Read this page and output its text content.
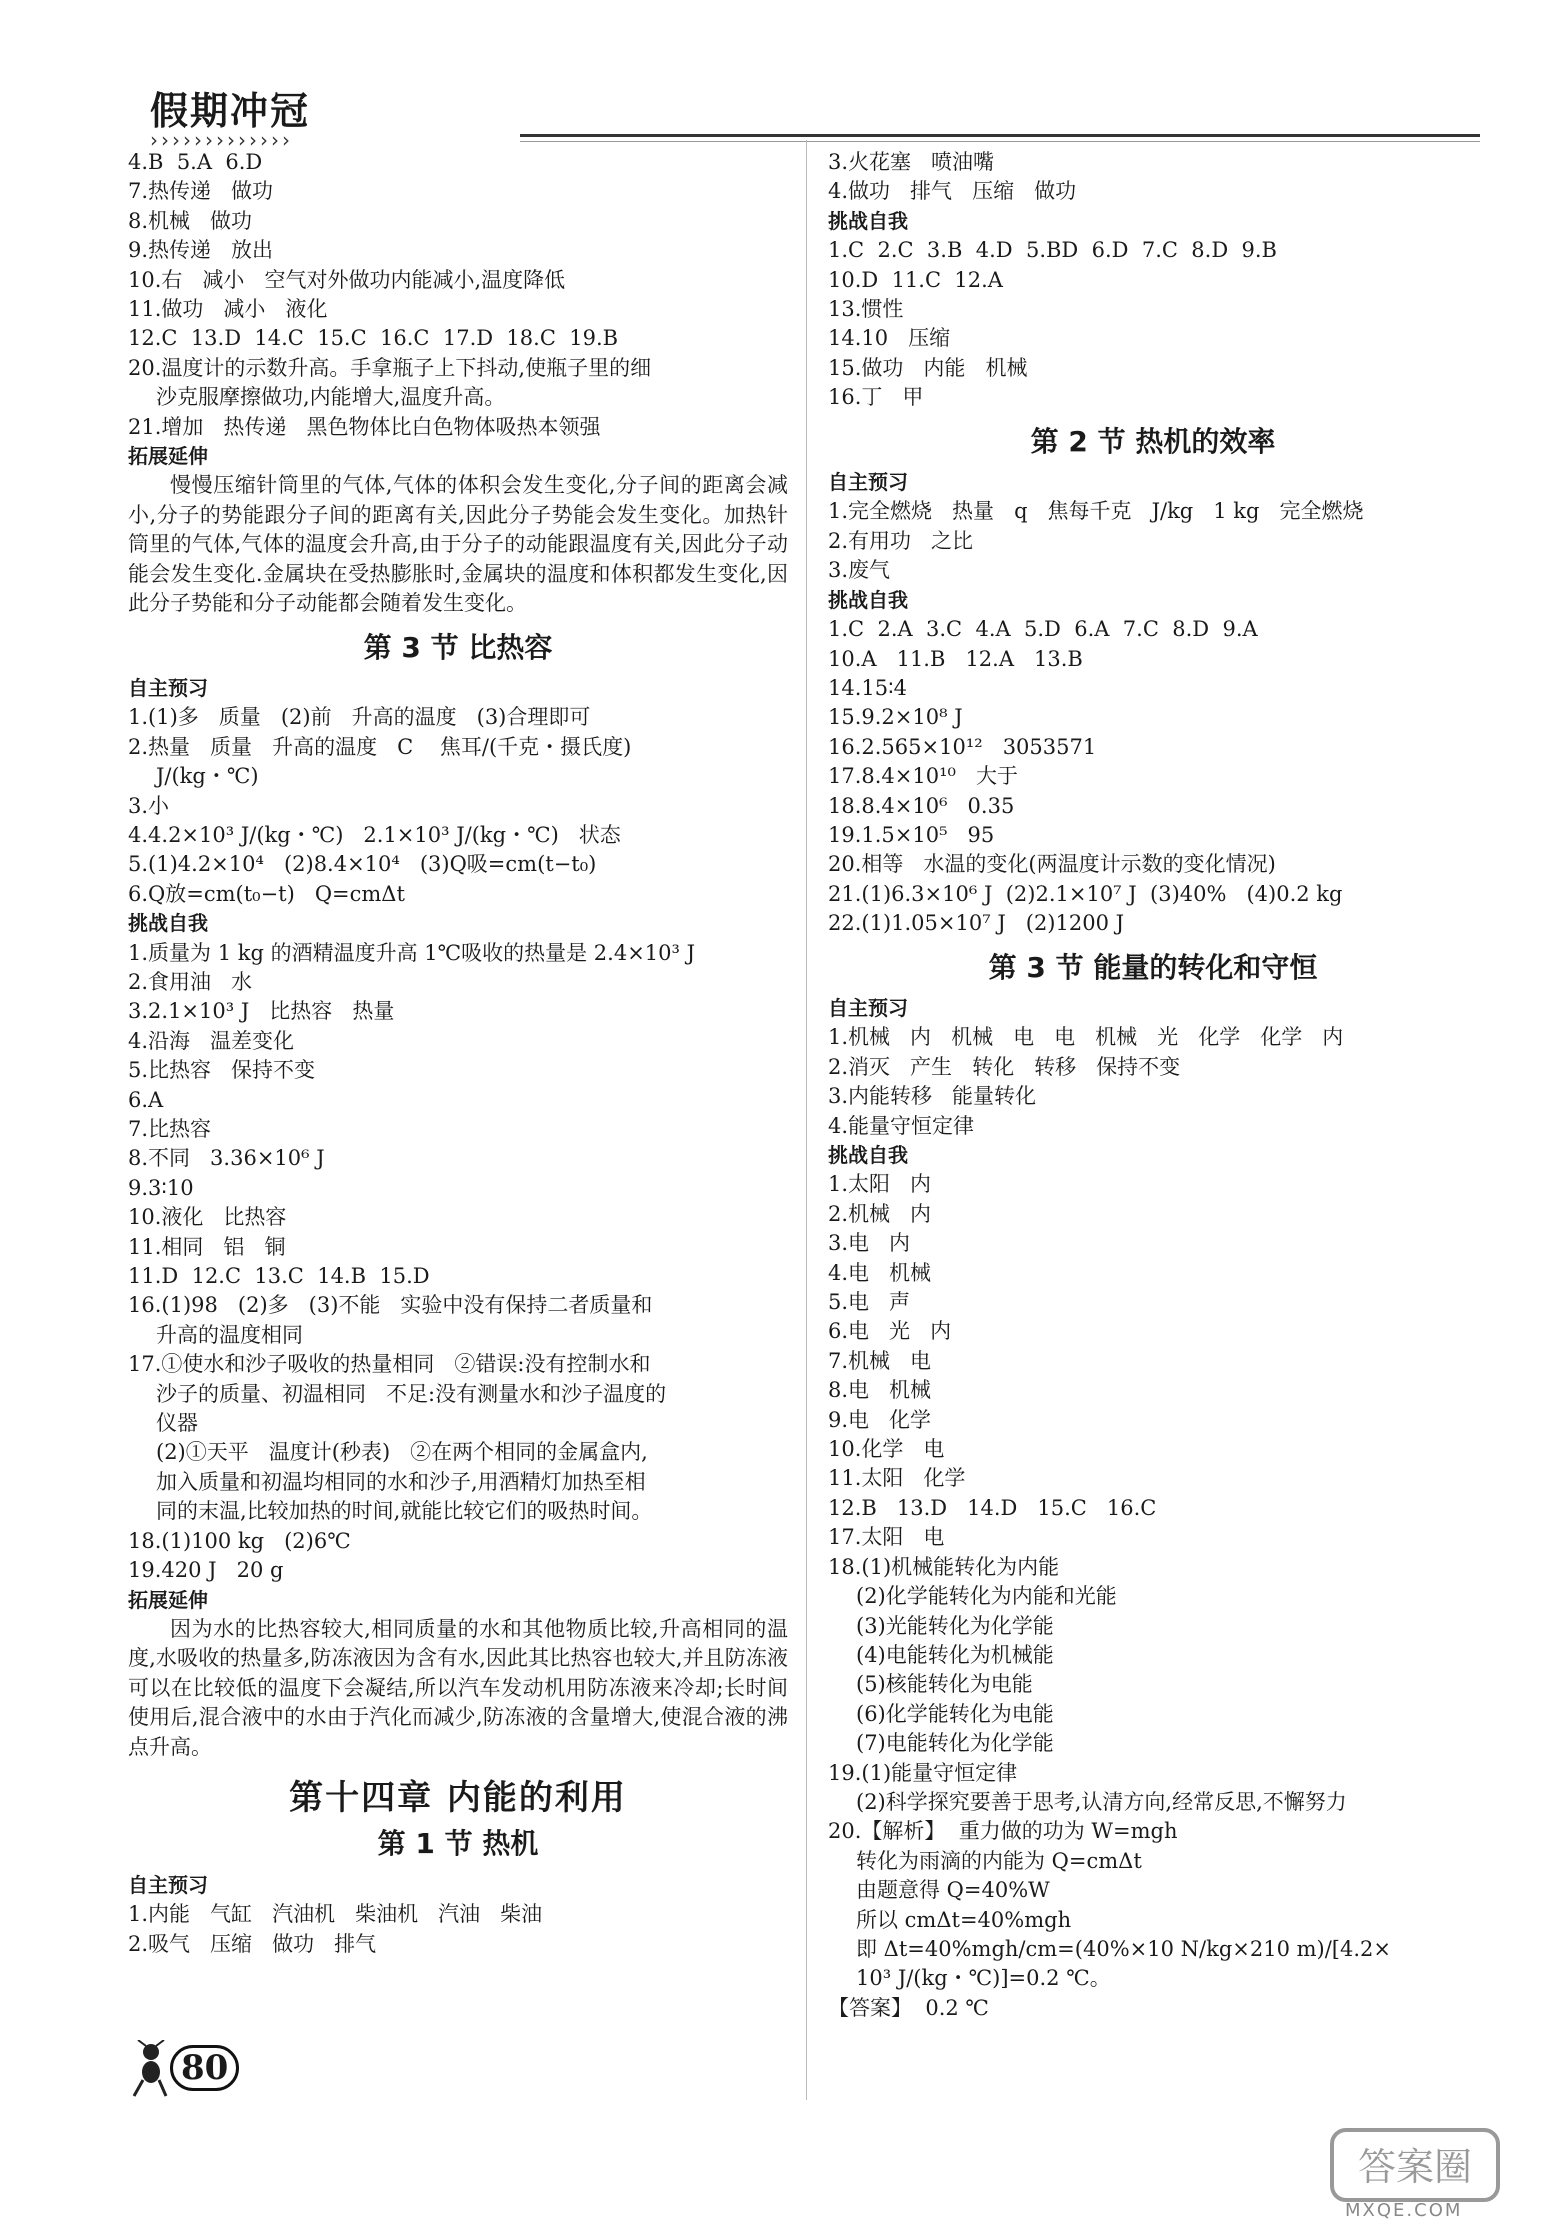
假期冲冠
›››››››››››››
4.B  5.A  6.D
7.热传递   做功
8.机械   做功
9.热传递   放出
10.右   减小   空气对外做功内能减小,温度降低
11.做功   减小   液化
12.C  13.D  14.C  15.C  16.C  17.D  18.C  19.B
20.温度计的示数升高。手拿瓶子上下抖动,使瓶子里的细
沙克服摩擦做功,内能增大,温度升高。
21.增加   热传递   黑色物体比白色物体吸热本领强
拓展延伸
慢慢压缩针筒里的气体,气体的体积会发生变化,分子间的距离会减小,分子的势能跟分子间的距离有关,因此分子势能会发生变化。加热针筒里的气体,气体的温度会升高,由于分子的动能跟温度有关,因此分子动能会发生变化.金属块在受热膨胀时,金属块的温度和体积都发生变化,因此分子势能和分子动能都会随着发生变化。
第 3 节 比热容
自主预习
1.(1)多   质量   (2)前   升高的温度   (3)合理即可
2.热量   质量   升高的温度   C    焦耳/(千克・摄氏度)
J/(kg・℃)
3.小
4.4.2×10³ J/(kg・℃)   2.1×10³ J/(kg・℃)   状态
5.(1)4.2×10⁴   (2)8.4×10⁴   (3)Q吸=cm(t−t₀)
6.Q放=cm(t₀−t)   Q=cmΔt
挑战自我
1.质量为 1 kg 的酒精温度升高 1℃吸收的热量是 2.4×10³ J
2.食用油   水
3.2.1×10³ J   比热容   热量
4.沿海   温差变化
5.比热容   保持不变
6.A
7.比热容
8.不同   3.36×10⁶ J
9.3∶10
10.液化   比热容
11.相同   铝   铜
11.D  12.C  13.C  14.B  15.D
16.(1)98   (2)多   (3)不能   实验中没有保持二者质量和
升高的温度相同
17.①使水和沙子吸收的热量相同   ②错误:没有控制水和
沙子的质量、初温相同   不足:没有测量水和沙子温度的
仪器
(2)①天平   温度计(秒表)   ②在两个相同的金属盒内,
加入质量和初温均相同的水和沙子,用酒精灯加热至相
同的末温,比较加热的时间,就能比较它们的吸热时间。
18.(1)100 kg   (2)6℃
19.420 J   20 g
拓展延伸
因为水的比热容较大,相同质量的水和其他物质比较,升高相同的温度,水吸收的热量多,防冻液因为含有水,因此其比热容也较大,并且防冻液可以在比较低的温度下会凝结,所以汽车发动机用防冻液来冷却;长时间使用后,混合液中的水由于汽化而减少,防冻液的含量增大,使混合液的沸点升高。
第十四章 内能的利用
第 1 节 热机
自主预习
1.内能   气缸   汽油机   柴油机   汽油   柴油
2.吸气   压缩   做功   排气
3.火花塞   喷油嘴
4.做功   排气   压缩   做功
挑战自我
1.C  2.C  3.B  4.D  5.BD  6.D  7.C  8.D  9.B
10.D  11.C  12.A
13.惯性
14.10   压缩
15.做功   内能   机械
16.丁   甲
第 2 节 热机的效率
自主预习
1.完全燃烧   热量   q   焦每千克   J/kg   1 kg   完全燃烧
2.有用功   之比
3.废气
挑战自我
1.C  2.A  3.C  4.A  5.D  6.A  7.C  8.D  9.A
10.A   11.B   12.A   13.B
14.15∶4
15.9.2×10⁸ J
16.2.565×10¹²   3053571
17.8.4×10¹⁰   大于
18.8.4×10⁶   0.35
19.1.5×10⁵   95
20.相等   水温的变化(两温度计示数的变化情况)
21.(1)6.3×10⁶ J  (2)2.1×10⁷ J  (3)40%   (4)0.2 kg
22.(1)1.05×10⁷ J   (2)1200 J
第 3 节 能量的转化和守恒
自主预习
1.机械   内   机械   电   电   机械   光   化学   化学   内
2.消灭   产生   转化   转移   保持不变
3.内能转移   能量转化
4.能量守恒定律
挑战自我
1.太阳   内
2.机械   内
3.电   内
4.电   机械
5.电   声
6.电   光   内
7.机械   电
8.电   机械
9.电   化学
10.化学   电
11.太阳   化学
12.B   13.D   14.D   15.C   16.C
17.太阳   电
18.(1)机械能转化为内能
(2)化学能转化为内能和光能
(3)光能转化为化学能
(4)电能转化为机械能
(5)核能转化为电能
(6)化学能转化为电能
(7)电能转化为化学能
19.(1)能量守恒定律
(2)科学探究要善于思考,认清方向,经常反思,不懈努力
20.【解析】  重力做的功为 W=mgh
转化为雨滴的内能为 Q=cmΔt
由题意得 Q=40%W
所以 cmΔt=40%mgh
即 Δt=40%mgh/cm=(40%×10 N/kg×210 m)/[4.2×
10³ J/(kg・℃)]=0.2 ℃。
【答案】  0.2 ℃
80
答案圈
MXQE.COM
